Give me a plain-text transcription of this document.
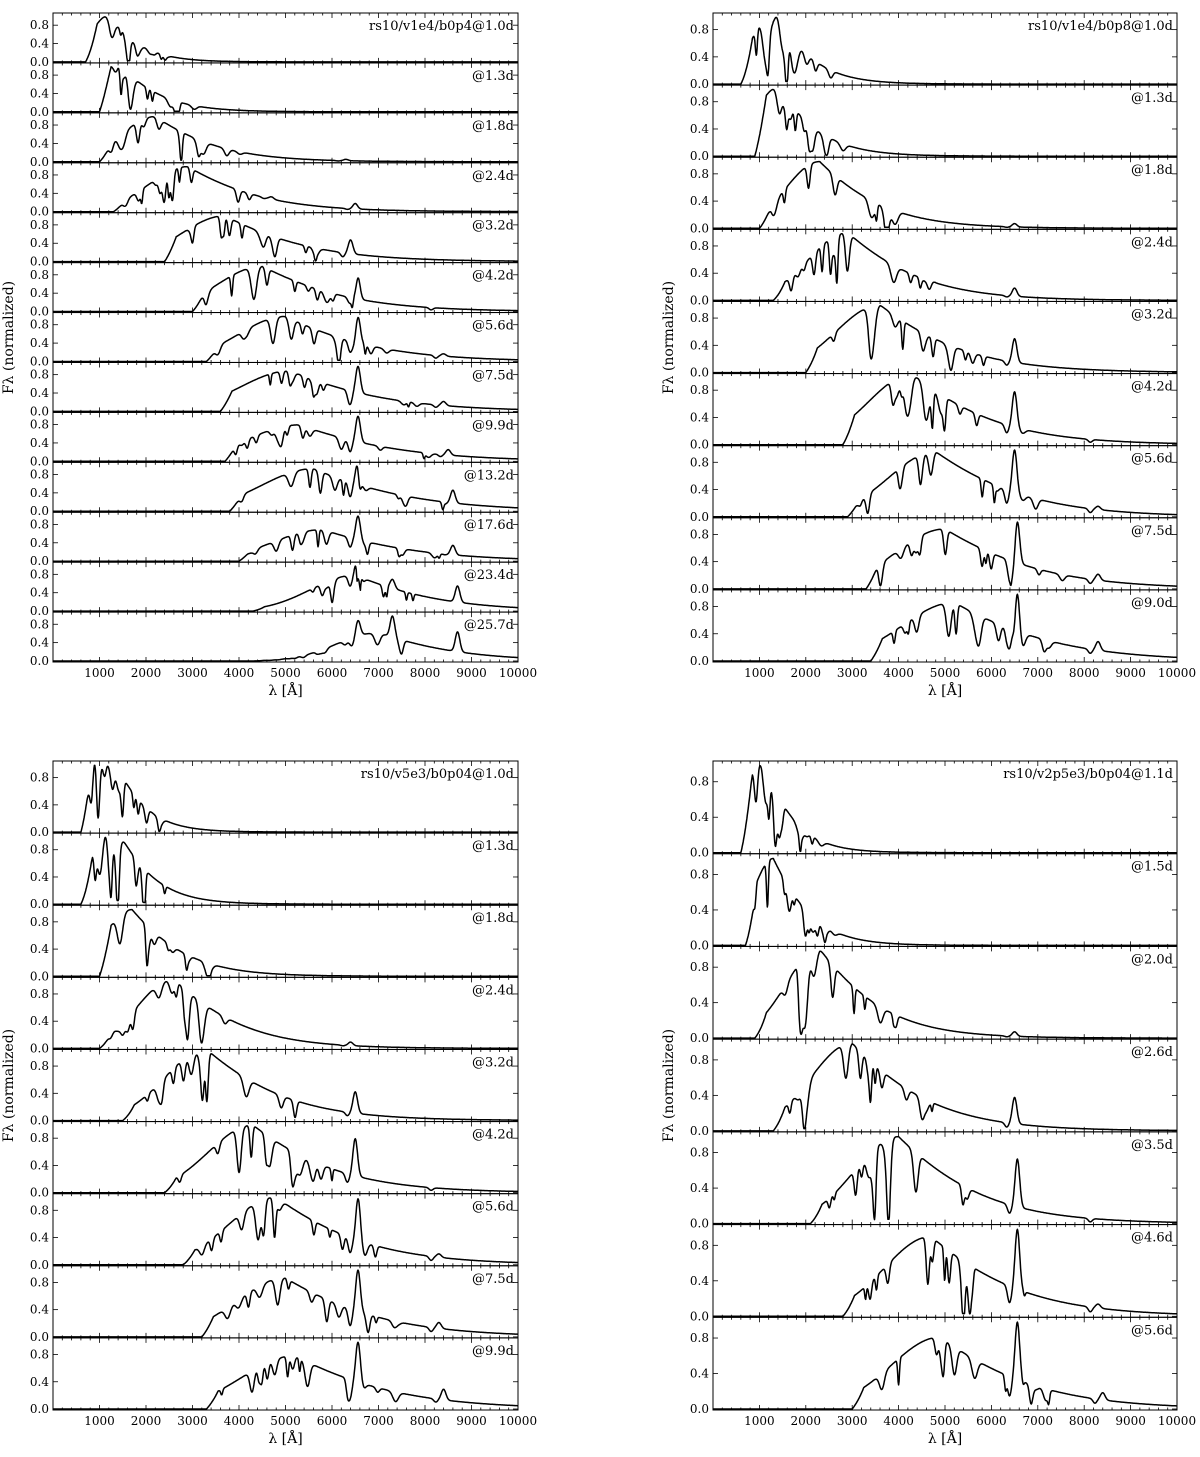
0.0
0.4
0.8	rs10/v1e4/b0p4@1.0d
0.0
0.4
0.8	@1.3d
0.0
0.4
0.8	@1.8d
0.0
0.4
0.8	@2.4d
0.0
0.4
0.8	@3.2d
0.0
0.4
0.8	@4.2d
0.0
0.4
0.8	@5.6d
0.0
0.4
0.8	@7.5d
0.0
0.4
0.8	@9.9d
0.0
0.4
0.8	@13.2d
0.0
0.4
0.8	@17.6d
0.0
0.4
0.8	@23.4d
0.0
0.4
0.8	@25.7d
1000 2000 3000 4000 5000 6000 7000 8000 9000 10000
λ [Å]
Fλ (normalized)
0.0
0.4
0.8	rs10/v1e4/b0p8@1.0d
0.0
0.4
0.8	@1.3d
0.0
0.4
0.8	@1.8d
0.0
0.4
0.8	@2.4d
0.0
0.4
0.8	@3.2d
0.0
0.4
0.8	@4.2d
0.0
0.4
0.8	@5.6d
0.0
0.4
0.8	@7.5d
0.0
0.4
0.8	@9.0d
1000 2000 3000 4000 5000 6000 7000 8000 9000 10000
λ [Å]
Fλ (normalized)
0.0
0.4
0.8	rs10/v5e3/b0p04@1.0d
0.0
0.4
0.8	@1.3d
0.0
0.4
0.8	@1.8d
0.0
0.4
0.8	@2.4d
0.0
0.4
0.8	@3.2d
0.0
0.4
0.8	@4.2d
0.0
0.4
0.8	@5.6d
0.0
0.4
0.8	@7.5d
0.0
0.4
0.8	@9.9d
1000 2000 3000 4000 5000 6000 7000 8000 9000 10000
λ [Å]
Fλ (normalized)
0.0
0.4
0.8	rs10/v2p5e3/b0p04@1.1d
0.0
0.4
0.8	@1.5d
0.0
0.4
0.8	@2.0d
0.0
0.4
0.8	@2.6d
0.0
0.4
0.8	@3.5d
0.0
0.4
0.8	@4.6d
0.0
0.4
0.8	@5.6d
1000 2000 3000 4000 5000 6000 7000 8000 9000 10000
λ [Å]
Fλ (normalized)
